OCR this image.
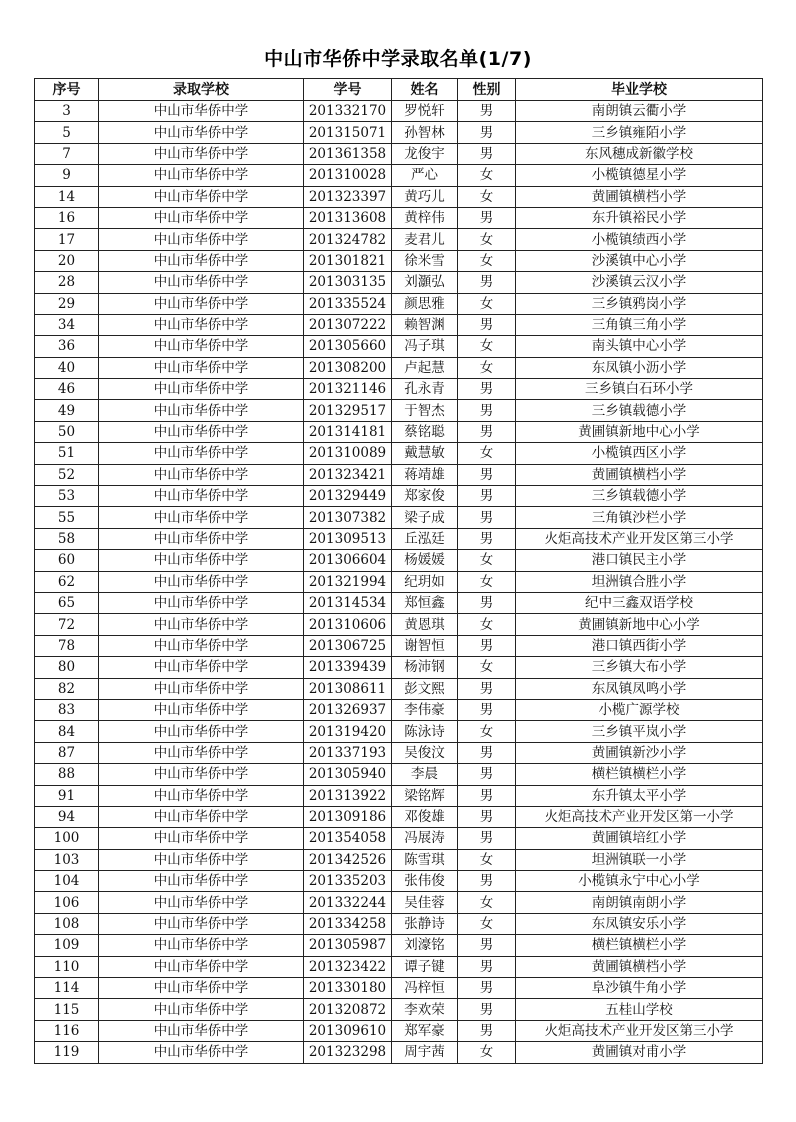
中山市华侨中学录取名单(1/7)
序号	录取学校	学号	姓名	性别	毕业学校
3	中山市华侨中学	201332170	罗悦轩	男	南朗镇云衢小学
5	中山市华侨中学	201315071	孙智林	男	三乡镇雍陌小学
7	中山市华侨中学	201361358	龙俊宇	男	东风穗成新徽学校
9	中山市华侨中学	201310028	严心	女	小榄镇德星小学
14	中山市华侨中学	201323397	黄巧儿	女	黄圃镇横档小学
16	中山市华侨中学	201313608	黄梓伟	男	东升镇裕民小学
17	中山市华侨中学	201324782	麦君儿	女	小榄镇绩西小学
20	中山市华侨中学	201301821	徐米雪	女	沙溪镇中心小学
28	中山市华侨中学	201303135	刘灝弘	男	沙溪镇云汉小学
29	中山市华侨中学	201335524	颜思雅	女	三乡镇鸦岗小学
34	中山市华侨中学	201307222	赖智渊	男	三角镇三角小学
36	中山市华侨中学	201305660	冯子琪	女	南头镇中心小学
40	中山市华侨中学	201308200	卢起慧	女	东凤镇小沥小学
46	中山市华侨中学	201321146	孔永青	男	三乡镇白石环小学
49	中山市华侨中学	201329517	于智杰	男	三乡镇载德小学
50	中山市华侨中学	201314181	蔡铭聪	男	黄圃镇新地中心小学
51	中山市华侨中学	201310089	戴慧敏	女	小榄镇西区小学
52	中山市华侨中学	201323421	蒋靖雄	男	黄圃镇横档小学
53	中山市华侨中学	201329449	郑家俊	男	三乡镇载德小学
55	中山市华侨中学	201307382	梁子成	男	三角镇沙栏小学
58	中山市华侨中学	201309513	丘泓廷	男	火炬高技术产业开发区第三小学
60	中山市华侨中学	201306604	杨媛媛	女	港口镇民主小学
62	中山市华侨中学	201321994	纪玥如	女	坦洲镇合胜小学
65	中山市华侨中学	201314534	郑恒鑫	男	纪中三鑫双语学校
72	中山市华侨中学	201310606	黄恩琪	女	黄圃镇新地中心小学
78	中山市华侨中学	201306725	谢智恒	男	港口镇西街小学
80	中山市华侨中学	201339439	杨沛钢	女	三乡镇大布小学
82	中山市华侨中学	201308611	彭文熙	男	东凤镇凤鸣小学
83	中山市华侨中学	201326937	李伟豪	男	小榄广源学校
84	中山市华侨中学	201319420	陈泳诗	女	三乡镇平岚小学
87	中山市华侨中学	201337193	吴俊汶	男	黄圃镇新沙小学
88	中山市华侨中学	201305940	李晨	男	横栏镇横栏小学
91	中山市华侨中学	201313922	梁铭辉	男	东升镇太平小学
94	中山市华侨中学	201309186	邓俊雄	男	火炬高技术产业开发区第一小学
100	中山市华侨中学	201354058	冯展涛	男	黄圃镇培红小学
103	中山市华侨中学	201342526	陈雪琪	女	坦洲镇联一小学
104	中山市华侨中学	201335203	张伟俊	男	小榄镇永宁中心小学
106	中山市华侨中学	201332244	吴佳蓉	女	南朗镇南朗小学
108	中山市华侨中学	201334258	张静诗	女	东凤镇安乐小学
109	中山市华侨中学	201305987	刘濠铭	男	横栏镇横栏小学
110	中山市华侨中学	201323422	谭子键	男	黄圃镇横档小学
114	中山市华侨中学	201330180	冯梓恒	男	阜沙镇牛角小学
115	中山市华侨中学	201320872	李欢荣	男	五桂山学校
116	中山市华侨中学	201309610	郑军豪	男	火炬高技术产业开发区第三小学
119	中山市华侨中学	201323298	周宇茜	女	黄圃镇对甫小学
